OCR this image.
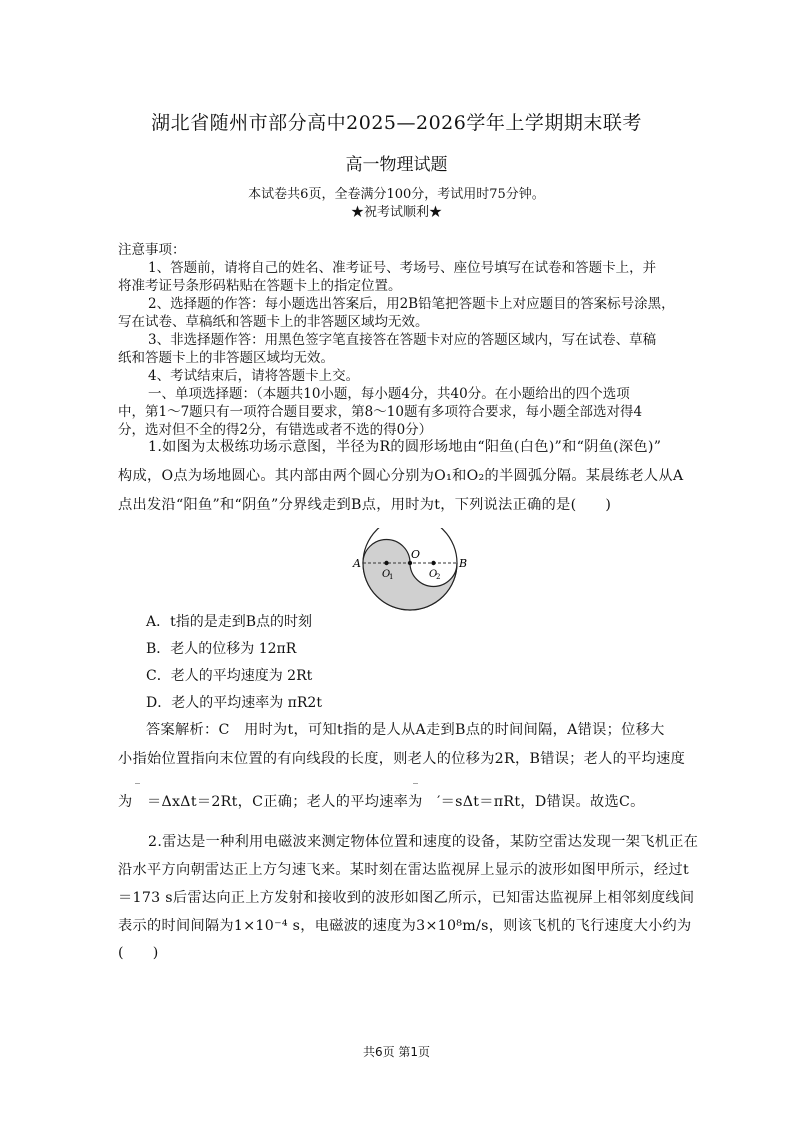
湖北省随州市部分高中2025—2026学年上学期期末联考
高一物理试题
本试卷共6页，全卷满分100分，考试用时75分钟。
★祝考试顺利★
注意事项：
1、答题前，请将自己的姓名、准考证号、考场号、座位号填写在试卷和答题卡上，并
将准考证号条形码粘贴在答题卡上的指定位置。
2、选择题的作答：每小题选出答案后，用2B铅笔把答题卡上对应题目的答案标号涂黑，
写在试卷、草稿纸和答题卡上的非答题区域均无效。
3、非选择题作答：用黑色签字笔直接答在答题卡对应的答题区域内，写在试卷、草稿
纸和答题卡上的非答题区域均无效。
4、考试结束后，请将答题卡上交。
一、单项选择题：（本题共10小题，每小题4分，共40分。在小题给出的四个选项
中，第1～7题只有一项符合题目要求，第8～10题有多项符合要求，每小题全部选对得4
分，选对但不全的得2分，有错选或者不选的得0分）
1.如图为太极练功场示意图，半径为R的圆形场地由“阳鱼(白色)”和“阴鱼(深色)”
构成，O点为场地圆心。其内部由两个圆心分别为O₁和O₂的半圆弧分隔。某晨练老人从A
点出发沿“阳鱼”和“阴鱼”分界线走到B点，用时为t，下列说法正确的是(　　)
A	B
O
O
1	O
2
A．t指的是走到B点的时刻
B．老人的位移为 12πR
C．老人的平均速度为 2Rt
D．老人的平均速率为 πR2t
答案解析：C　用时为t，可知t指的是人从A走到B点的时间间隔，A错误；位移大
小指始位置指向末位置的有向线段的长度，则老人的位移为2R，B错误；老人的平均速度
_	_
为　＝ΔxΔt＝2Rt，C正确；老人的平均速率为　′＝sΔt＝πRt，D错误。故选C。
2.雷达是一种利用电磁波来测定物体位置和速度的设备，某防空雷达发现一架飞机正在
沿水平方向朝雷达正上方匀速飞来。某时刻在雷达监视屏上显示的波形如图甲所示，经过t
＝173 s后雷达向正上方发射和接收到的波形如图乙所示，已知雷达监视屏上相邻刻度线间
表示的时间间隔为1×10⁻⁴ s，电磁波的速度为3×10⁸m/s，则该飞机的飞行速度大小约为
(　　)
共6页 第1页
